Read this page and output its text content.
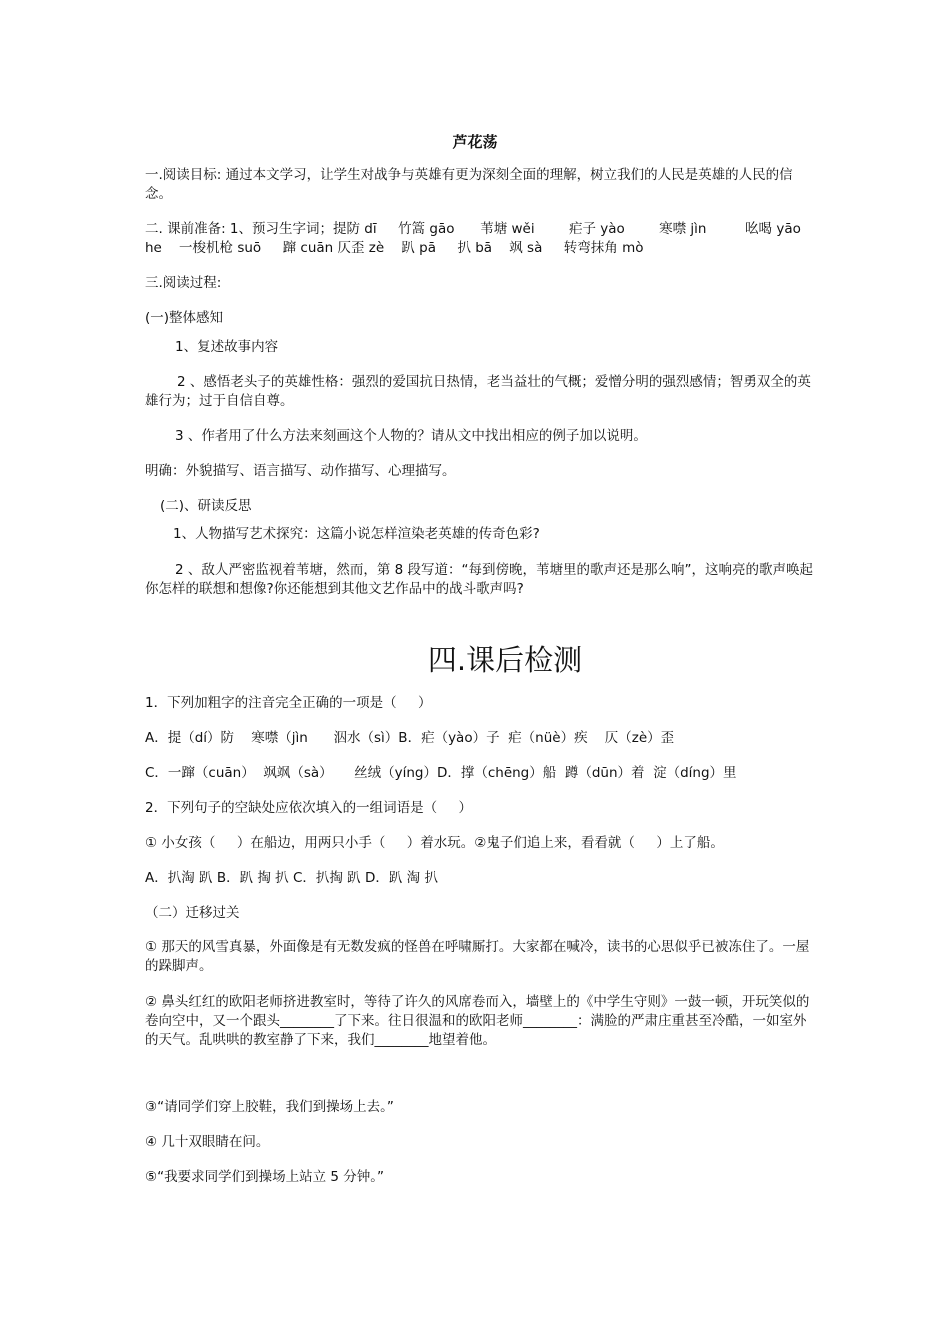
芦花荡
一.阅读目标: 通过本文学习，让学生对战争与英雄有更为深刻全面的理解，树立我们的人民是英雄的人民的信念。
二. 课前准备: 1、预习生字词；提防 dī     竹篙 gāo      苇塘 wěi        疟子 yào        寒噤 jìn         吆喝 yāo
he    一梭机枪 suō     蹿 cuān 仄歪 zè    趴 pā     扒 bā    飒 sà     转弯抹角 mò
三.阅读过程:
(一)整体感知
1、复述故事内容
2 、感悟老头子的英雄性格：强烈的爱国抗日热情，老当益壮的气概；爱憎分明的强烈感情；智勇双全的英雄行为；过于自信自尊。
3 、作者用了什么方法来刻画这个人物的？请从文中找出相应的例子加以说明。
明确：外貌描写、语言描写、动作描写、心理描写。
(二)、研读反思
1、人物描写艺术探究：这篇小说怎样渲染老英雄的传奇色彩?
2 、敌人严密监视着苇塘，然而，第 8 段写道：“每到傍晚，苇塘里的歌声还是那么响”，这响亮的歌声唤起你怎样的联想和想像?你还能想到其他文艺作品中的战斗歌声吗?
四.课后检测
1．下列加粗字的注音完全正确的一项是（     ）
A．提（dí）防    寒噤（jìn      泅水（sì）B．疟（yào）子  疟（nüè）疾    仄（zè）歪
C．一蹿（cuān）  飒飒（sà）     丝绒（yíng）D．撑（chēng）船  蹲（dūn）着  淀（díng）里
2．下列句子的空缺处应依次填入的一组词语是（     ）
① 小女孩（     ）在船边，用两只小手（     ）着水玩。②鬼子们追上来，看看就（     ）上了船。
A．扒淘 趴 B．趴 掏 扒 C．扒掏 趴 D．趴 淘 扒
（二）迁移过关
① 那天的风雪真暴，外面像是有无数发疯的怪兽在呼啸厮打。大家都在喊冷，读书的心思似乎已被冻住了。一屋的跺脚声。
② 鼻头红红的欧阳老师挤进教室时，等待了许久的风席卷而入，墙壁上的《中学生守则》一鼓一顿，开玩笑似的卷向空中，又一个跟头________了下来。往日很温和的欧阳老师________：满脸的严肃庄重甚至冷酷，一如室外的天气。乱哄哄的教室静了下来，我们________地望着他。
③“请同学们穿上胶鞋，我们到操场上去。”
④ 几十双眼睛在问。
⑤“我要求同学们到操场上站立 5 分钟。”
